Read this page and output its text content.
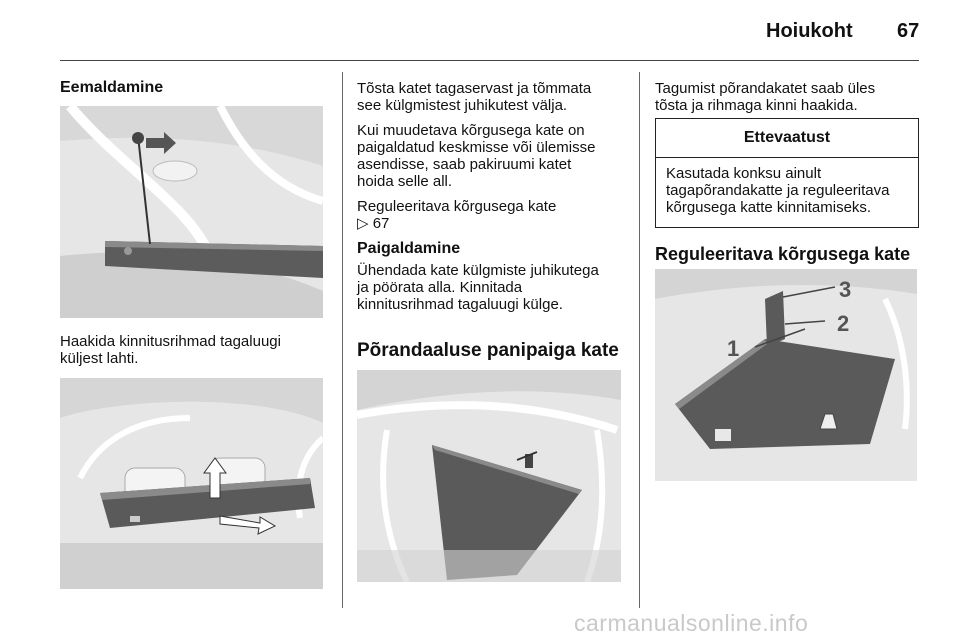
Hoiukoht 67
Eemaldamine

Haakida kinnitusrihmad tagaluugi
küljest lahti.

Tõsta katet tagaservast ja tõmmata
see külgmistest juhikutest välja.

Kui muudetava kõrgusega kate on
paigaldatud keskmisse või ülemisse
asendisse, saab pakiruumi katet
hoida selle all.

Reguleeritava kõrgusega kate
▷ 67

Paigaldamine

Ühendada kate külgmiste juhikutega
ja pöörata alla. Kinnitada
kinnitusrihmad tagaluugi külge.

Põrandaaluse panipaiga kate

Tagumist põrandakatet saab üles
tõsta ja rihmaga kinni haakida.

Ettevaatust
Kasutada konksu ainult
tagapõrandakatte ja reguleeritava
kõrgusega katte kinnitamiseks.
Reguleeritava kõrgusega kate
1
2
3
carmanualsonline.info
